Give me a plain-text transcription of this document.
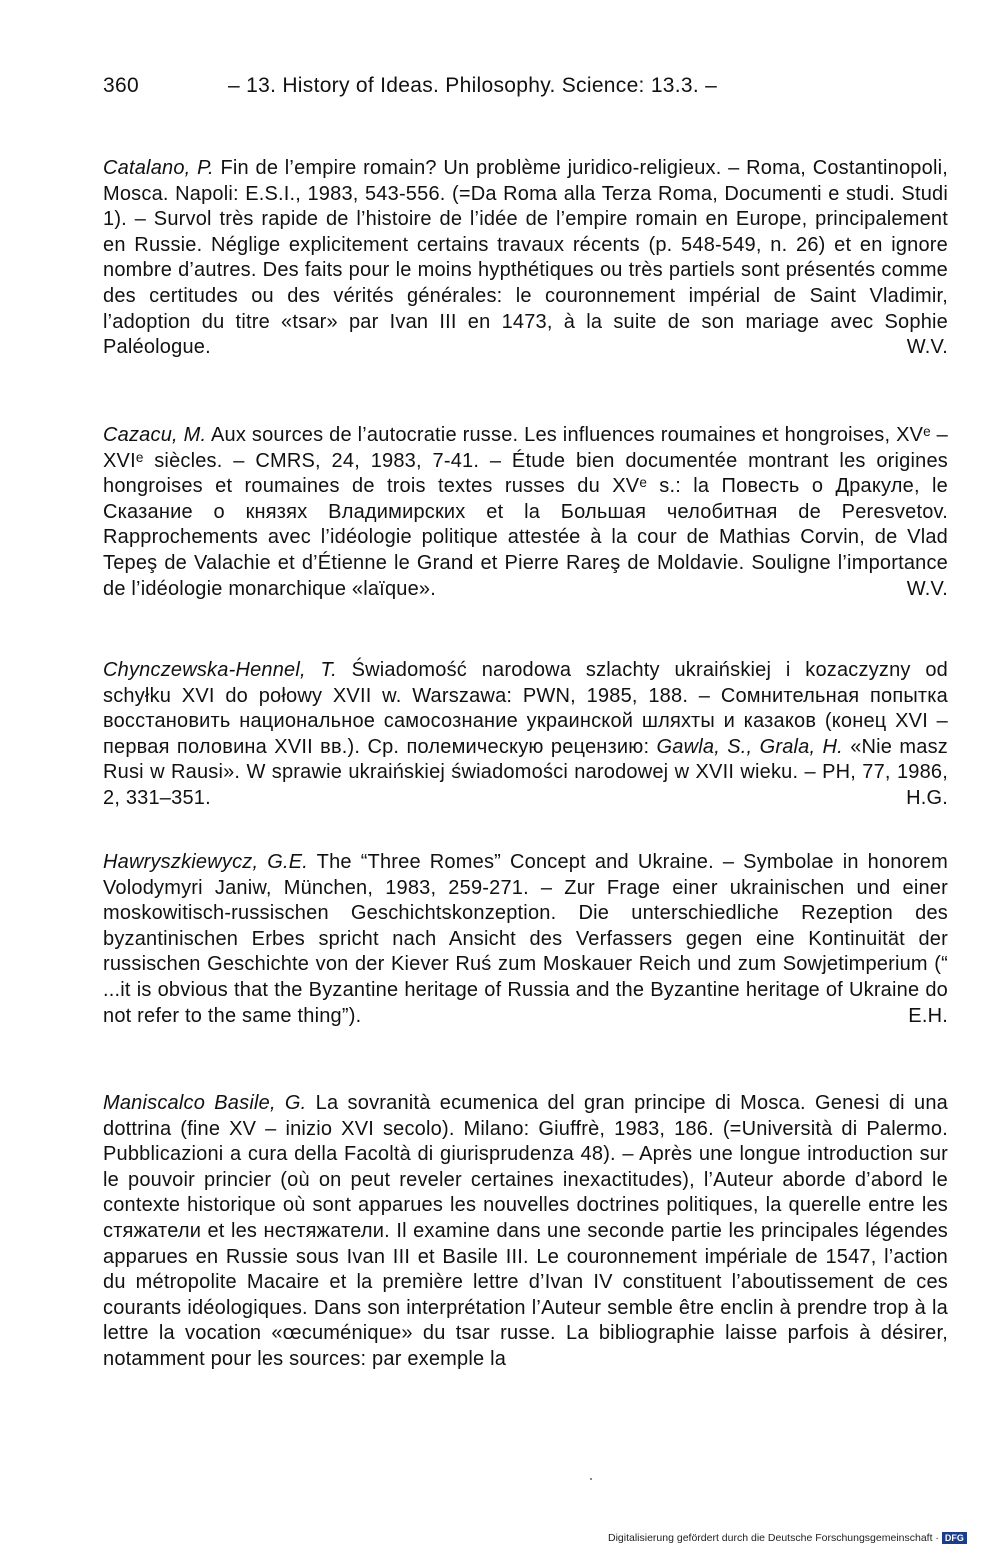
360	– 13. History of Ideas. Philosophy. Science: 13.3. –
Catalano, P. Fin de l’empire romain? Un problème juridico-religieux. – Roma, Costantinopoli, Mosca. Napoli: E.S.I., 1983, 543-556. (=Da Roma alla Terza Roma, Documenti e studi. Studi 1). – Survol très rapide de l’histoire de l’idée de l’empire romain en Europe, principalement en Russie. Néglige explicitement certains travaux récents (p. 548-549, n. 26) et en ignore nombre d’autres. Des faits pour le moins hypthétiques ou très partiels sont présentés comme des certitudes ou des vérités générales: le couronnement impérial de Saint Vladimir, l’adoption du titre «tsar» par Ivan III en 1473, à la suite de son mariage avec Sophie Paléologue.	W.V.
Cazacu, M. Aux sources de l’autocratie russe. Les influences roumaines et hongroises, XVᵉ – XVIᵉ siècles. – CMRS, 24, 1983, 7-41. – Étude bien documentée montrant les origines hongroises et roumaines de trois textes russes du XVᵉ s.: la Повесть о Дракуле, le Сказание о князях Владимирских et la Большая челобитная de Peresvetov. Rapprochements avec l’idéologie politique attestée à la cour de Mathias Corvin, de Vlad Tepeş de Valachie et d’Étienne le Grand et Pierre Rareş de Moldavie. Souligne l’importance de l’idéologie monarchique «laïque».	W.V.
Chynczewska-Hennel, T. Świadomość narodowa szlachty ukraińskiej i kozaczyzny od schyłku XVI do połowy XVII w. Warszawa: PWN, 1985, 188. – Сомнительная попытка восстановить национальное самосознание украинской шляхты и казаков (конец XVI – первая половина XVII вв.). Ср. полемическую рецензию: Gawla, S., Grala, H. «Nie masz Rusi w Rausi». W sprawie ukraińskiej świadomości narodowej w XVII wieku. – PH, 77, 1986, 2, 331–351.	H.G.
Hawryszkiewycz, G.E. The “Three Romes” Concept and Ukraine. – Symbolae in honorem Volodymyri Janiw, München, 1983, 259-271. – Zur Frage einer ukrainischen und einer moskowitisch-russischen Geschichtskonzeption. Die unterschiedliche Rezeption des byzantinischen Erbes spricht nach Ansicht des Verfassers gegen eine Kontinuität der russischen Geschichte von der Kiever Ruś zum Moskauer Reich und zum Sowjetimperium (“ ...it is obvious that the Byzantine heritage of Russia and the Byzantine heritage of Ukraine do not refer to the same thing”).	E.H.
Maniscalco Basile, G. La sovranità ecumenica del gran principe di Mosca. Genesi di una dottrina (fine XV – inizio XVI secolo). Milano: Giuffrè, 1983, 186. (=Università di Palermo. Pubblicazioni a cura della Facoltà di giurisprudenza 48). – Après une longue introduction sur le pouvoir princier (où on peut reveler certaines inexactitudes), l’Auteur aborde d’abord le contexte historique où sont apparues les nouvelles doctrines politiques, la querelle entre les стяжатели et les нестяжатели. Il examine dans une seconde partie les principales légendes apparues en Russie sous Ivan III et Basile III. Le couronnement impériale de 1547, l’action du métropolite Macaire et la première lettre d’Ivan IV constituent l’aboutissement de ces courants idéologiques. Dans son interprétation l’Auteur semble être enclin à prendre trop à la lettre la vocation «œcuménique» du tsar russe. La bibliographie laisse parfois à désirer, notamment pour les sources: par exemple la
Digitalisierung gefördert durch die Deutsche Forschungsgemeinschaft · DFG
